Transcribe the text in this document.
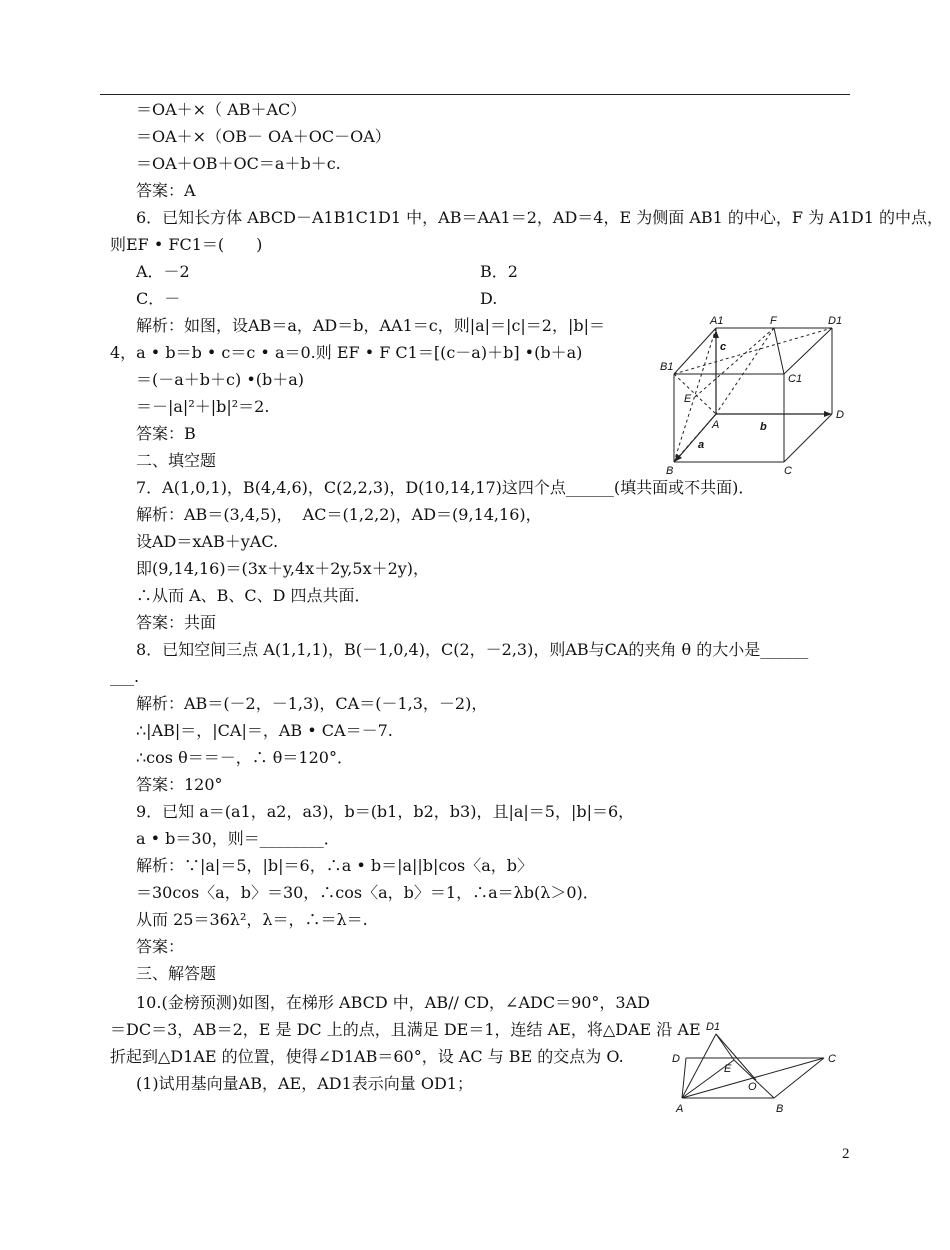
＝OA＋×（ AB＋AC）
＝OA＋×（OB－ OA＋OC－OA）
＝OA＋OB＋OC＝a＋b＋c.
答案：A
6．已知长方体 ABCD－A1B1C1D1 中，AB＝AA1＝2，AD＝4，E 为侧面 AB1 的中心，F 为 A1D1 的中点，
则EF • FC1＝(　　)
A．－2	B．2
C．－	D.
解析：如图，设AB＝a，AD＝b，AA1＝c，则|a|＝|c|＝2，|b|＝
4，a • b＝b • c＝c • a＝0.则 EF • F C1＝[(c－a)＋b] •(b＋a)
＝(－a＋b＋c) •(b＋a)
＝－|a|²＋|b|²＝2.
答案：B
二、填空题
7．A(1,0,1)，B(4,4,6)，C(2,2,3)，D(10,14,17)这四个点______(填共面或不共面)．
解析：AB＝(3,4,5)，  AC＝(1,2,2)，AD＝(9,14,16)，
设AD＝xAB＋yAC.
即(9,14,16)＝(3x＋y,4x＋2y,5x＋2y)，
∴从而 A、B、C、D 四点共面．
答案：共面
8．已知空间三点 A(1,1,1)，B(－1,0,4)，C(2，－2,3)，则AB与CA的夹角 θ 的大小是______
___.
解析：AB＝(－2，－1,3)，CA＝(－1,3，－2)，
∴|AB|＝，|CA|＝，AB • CA＝－7.
∴cos θ＝＝－，∴ θ＝120°．
答案：120°
9．已知 a＝(a1，a2，a3)，b＝(b1，b2，b3)，且|a|＝5，|b|＝6，
a • b＝30，则＝________．
解析：∵|a|＝5，|b|＝6，∴a • b＝|a||b|cos〈a，b〉
＝30cos〈a，b〉＝30，∴cos〈a，b〉＝1，∴a＝λb(λ＞0)．
从而 25＝36λ²，λ＝，∴＝λ＝.
答案：
三、解答题
10.(金榜预测)如图，在梯形 ABCD 中，AB// CD，∠ADC＝90°，3AD
＝DC＝3，AB＝2，E 是 DC 上的点，且满足 DE＝1，连结 AE，将△DAE 沿 AE
折起到△D1AE 的位置，使得∠D1AB＝60°，设 AC 与 BE 的交点为 O.
(1)试用基向量AB，AE，AD1表示向量 OD1；
A1	F	D1
B1
C1
E
A
D
B	C
a
b
c
D1
D
E
C
O
A	B
2
